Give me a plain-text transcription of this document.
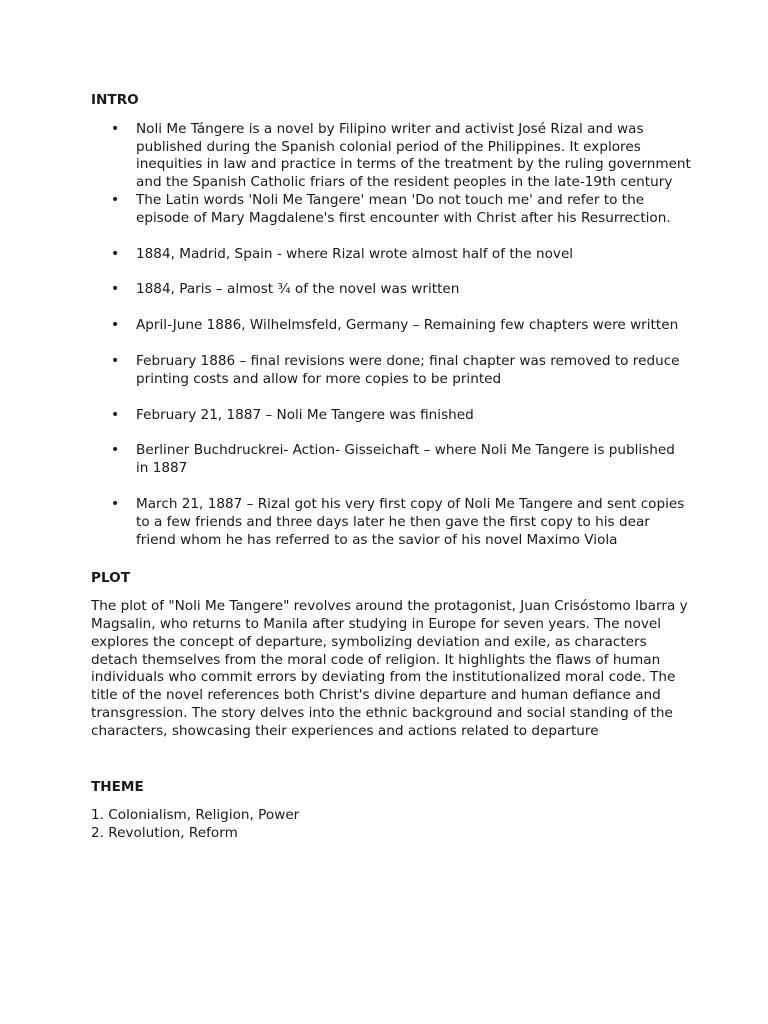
INTRO
• Noli Me Tángere is a novel by Filipino writer and activist José Rizal and was published during the Spanish colonial period of the Philippines. It explores inequities in law and practice in terms of the treatment by the ruling government and the Spanish Catholic friars of the resident peoples in the late-19th century
• The Latin words 'Noli Me Tangere' mean 'Do not touch me' and refer to the episode of Mary Magdalene's first encounter with Christ after his Resurrection.
• 1884, Madrid, Spain - where Rizal wrote almost half of the novel
• 1884, Paris – almost ¾ of the novel was written
• April-June 1886, Wilhelmsfeld, Germany – Remaining few chapters were written
• February 1886 – final revisions were done; final chapter was removed to reduce printing costs and allow for more copies to be printed
• February 21, 1887 – Noli Me Tangere was finished
• Berliner Buchdruckrei- Action- Gisseichaft – where Noli Me Tangere is published in 1887
• March 21, 1887 – Rizal got his very first copy of Noli Me Tangere and sent copies to a few friends and three days later he then gave the first copy to his dear friend whom he has referred to as the savior of his novel Maximo Viola
PLOT

The plot of "Noli Me Tangere" revolves around the protagonist, Juan Crisóstomo Ibarra y Magsalin, who returns to Manila after studying in Europe for seven years. The novel explores the concept of departure, symbolizing deviation and exile, as characters detach themselves from the moral code of religion. It highlights the flaws of human individuals who commit errors by deviating from the institutionalized moral code. The title of the novel references both Christ's divine departure and human defiance and transgression. The story delves into the ethnic background and social standing of the characters, showcasing their experiences and actions related to departure

THEME
1. Colonialism, Religion, Power
2. Revolution, Reform
